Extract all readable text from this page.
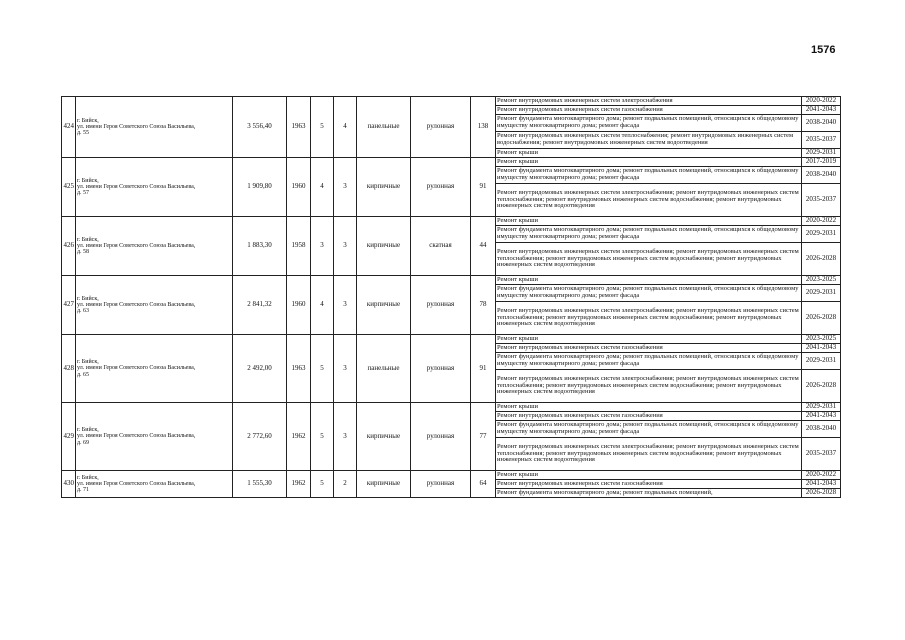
1576
424	г. Бийск,
ул. имени Героя Советского Союза Васильева,
д. 55	3 556,40	1963	5	4	панельные	рулонная	138	Ремонт внутридомовых инженерных систем электроснабжения	2020-2022
									Ремонт внутридомовых инженерных систем газоснабжения	2041-2043
									Ремонт фундамента многоквартирного дома; ремонт подвальных помещений, относящихся к общедомовому имуществу многоквартирного дома; ремонт фасада	2038-2040
									Ремонт внутридомовых инженерных систем теплоснабжения; ремонт внутридомовых инженерных систем водоснабжения; ремонт внутридомовых инженерных систем водоотведения	2035-2037
									Ремонт крыши	2029-2031
425	г. Бийск,
ул. имени Героя Советского Союза Васильева,
д. 57	1 909,80	1960	4	3	кирпичные	рулонная	91	Ремонт крыши	2017-2019
									Ремонт фундамента многоквартирного дома; ремонт подвальных помещений, относящихся к общедомовому имуществу многоквартирного дома; ремонт фасада	2038-2040
									Ремонт внутридомовых инженерных систем электроснабжения; ремонт внутридомовых инженерных систем теплоснабжения; ремонт внутридомовых инженерных систем водоснабжения; ремонт внутридомовых инженерных систем водоотведения	2035-2037
426	г. Бийск,
ул. имени Героя Советского Союза Васильева,
д. 58	1 883,30	1958	3	3	кирпичные	скатная	44	Ремонт крыши	2020-2022
									Ремонт фундамента многоквартирного дома; ремонт подвальных помещений, относящихся к общедомовому имуществу многоквартирного дома; ремонт фасада	2029-2031
									Ремонт внутридомовых инженерных систем электроснабжения; ремонт внутридомовых инженерных систем теплоснабжения; ремонт внутридомовых инженерных систем водоснабжения; ремонт внутридомовых инженерных систем водоотведения	2026-2028
427	г. Бийск,
ул. имени Героя Советского Союза Васильева,
д. 63	2 841,32	1960	4	3	кирпичные	рулонная	78	Ремонт крыши	2023-2025
									Ремонт фундамента многоквартирного дома; ремонт подвальных помещений, относящихся к общедомовому имуществу многоквартирного дома; ремонт фасада	2029-2031
									Ремонт внутридомовых инженерных систем электроснабжения; ремонт внутридомовых инженерных систем теплоснабжения; ремонт внутридомовых инженерных систем водоснабжения; ремонт внутридомовых инженерных систем водоотведения	2026-2028
428	г. Бийск,
ул. имени Героя Советского Союза Васильева,
д. 65	2 492,00	1963	5	3	панельные	рулонная	91	Ремонт крыши	2023-2025
									Ремонт внутридомовых инженерных систем газоснабжения	2041-2043
									Ремонт фундамента многоквартирного дома; ремонт подвальных помещений, относящихся к общедомовому имуществу многоквартирного дома; ремонт фасада	2029-2031
									Ремонт внутридомовых инженерных систем электроснабжения; ремонт внутридомовых инженерных систем теплоснабжения; ремонт внутридомовых инженерных систем водоснабжения; ремонт внутридомовых инженерных систем водоотведения	2026-2028
429	г. Бийск,
ул. имени Героя Советского Союза Васильева,
д. 69	2 772,60	1962	5	3	кирпичные	рулонная	77	Ремонт крыши	2029-2031
									Ремонт внутридомовых инженерных систем газоснабжения	2041-2043
									Ремонт фундамента многоквартирного дома; ремонт подвальных помещений, относящихся к общедомовому имуществу многоквартирного дома; ремонт фасада	2038-2040
									Ремонт внутридомовых инженерных систем электроснабжения; ремонт внутридомовых инженерных систем теплоснабжения; ремонт внутридомовых инженерных систем водоснабжения; ремонт внутридомовых инженерных систем водоотведения	2035-2037
430	г. Бийск,
ул. имени Героя Советского Союза Васильева,
д. 71	1 555,30	1962	5	2	кирпичные	рулонная	64	Ремонт крыши	2020-2022
									Ремонт внутридомовых инженерных систем газоснабжения	2041-2043
									Ремонт фундамента многоквартирного дома; ремонт подвальных помещений,	2026-2028
